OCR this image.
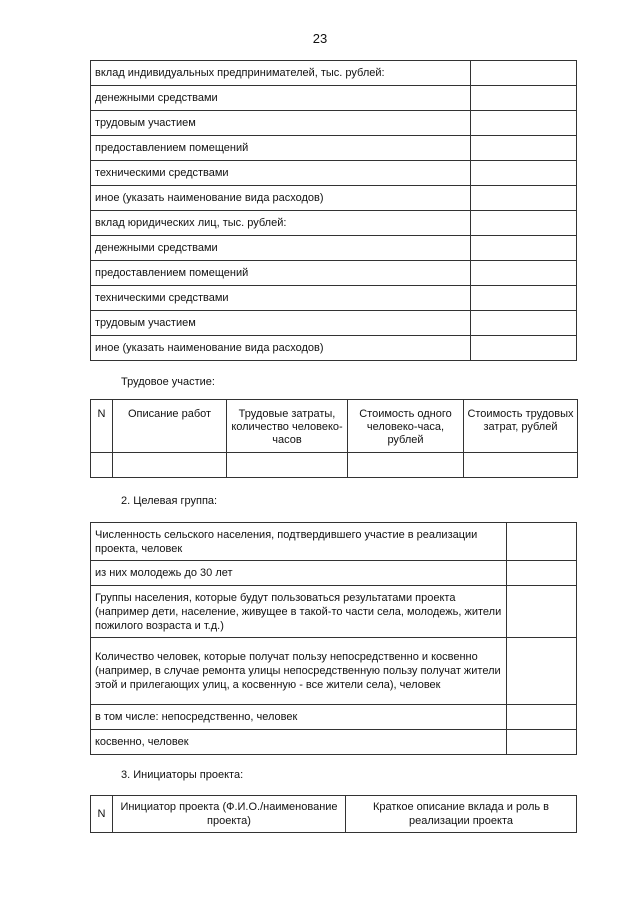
23
вклад индивидуальных предпринимателей, тыс. рублей:	
денежными средствами	
трудовым участием	
предоставлением помещений	
техническими средствами	
иное (указать наименование вида расходов)	
вклад юридических лиц, тыс. рублей:	
денежными средствами	
предоставлением помещений	
техническими средствами	
трудовым участием	
иное (указать наименование вида расходов)	
Трудовое участие:
N	Описание работ	Трудовые затраты, количество человеко-часов	Стоимость одного человеко-часа, рублей	Стоимость трудовых затрат, рублей

2. Целевая группа:
Численность сельского населения, подтвердившего участие в реализации проекта, человек	
из них молодежь до 30 лет	
Группы населения, которые будут пользоваться результатами проекта (например дети, население, живущее в такой-то части села, молодежь, жители пожилого возраста и т.д.)	
Количество человек, которые получат пользу непосредственно и косвенно (например, в случае ремонта улицы непосредственную пользу получат жители этой и прилегающих улиц, а косвенную - все жители села), человек	
в том числе: непосредственно, человек	
косвенно, человек	
3. Инициаторы проекта:
N	Инициатор проекта (Ф.И.О./наименование проекта)	Краткое описание вклада и роль в реализации проекта
